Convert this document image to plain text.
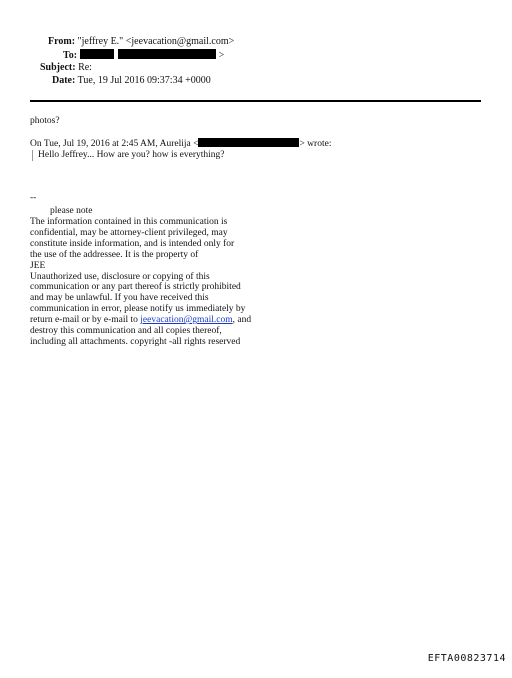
From: "jeffrey E." <jeevacation@gmail.com>
To:	>
Subject: Re:
Date: Tue, 19 Jul 2016 09:37:34 +0000
photos?
On Tue, Jul 19, 2016 at 2:45 AM, Aurelija <	> wrote:
Hello Jeffrey... How are you? how is everything?
--
please note
The information contained in this communication is
confidential, may be attorney-client privileged, may
constitute inside information, and is intended only for
the use of the addressee. It is the property of
JEE
Unauthorized use, disclosure or copying of this
communication or any part thereof is strictly prohibited
and may be unlawful. If you have received this
communication in error, please notify us immediately by
return e-mail or by e-mail to jeevacation@gmail.com, and
destroy this communication and all copies thereof,
including all attachments. copyright -all rights reserved
EFTA00823714
